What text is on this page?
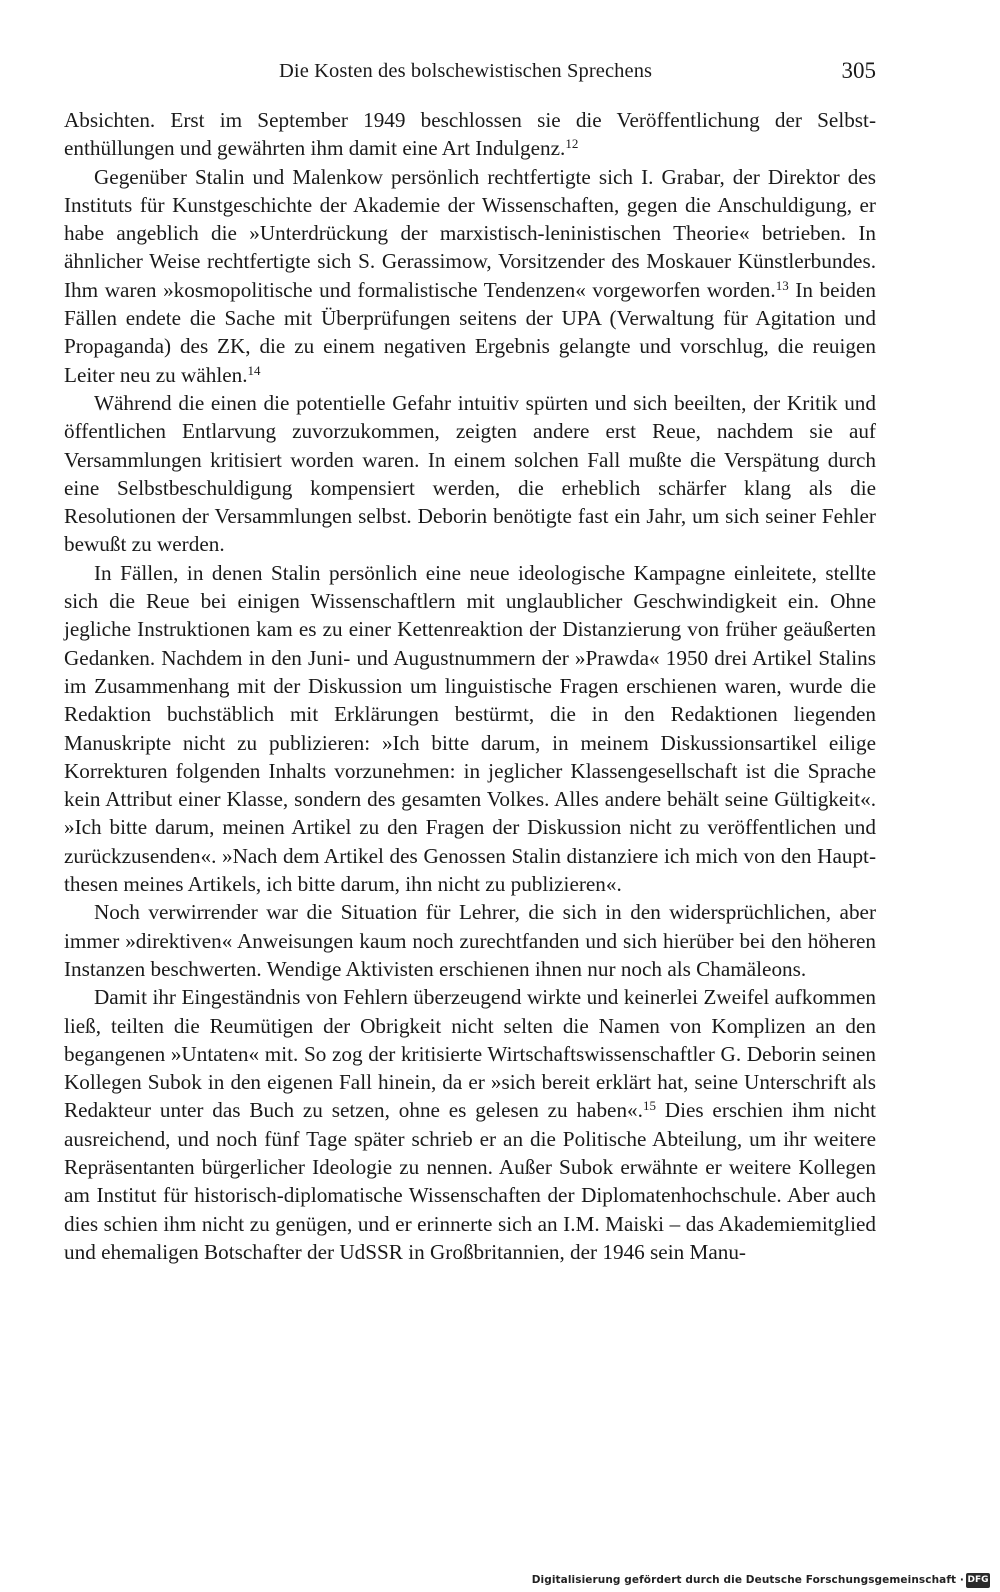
Die Kosten des bolschewistischen Sprechens	305

Absichten. Erst im September 1949 beschlossen sie die Veröffentlichung der Selbstenthüllungen und gewährten ihm damit eine Art Indulgenz.$^{12}$

Gegenüber Stalin und Malenkow persönlich rechtfertigte sich I. Grabar, der Direktor des Instituts für Kunstgeschichte der Akademie der Wissenschaften, gegen die Anschuldigung, er habe angeblich die »Unterdrückung der marxistisch-leninistischen Theorie« betrieben. In ähnlicher Weise rechtfertigte sich S. Gerassimow, Vorsitzender des Moskauer Künstlerbundes. Ihm waren »kosmopolitische und formalistische Tendenzen« vorgeworfen worden.$^{13}$ In beiden Fällen endete die Sache mit Überprüfungen seitens der UPA (Verwaltung für Agitation und Propaganda) des ZK, die zu einem negativen Ergebnis gelangte und vorschlug, die reuigen Leiter neu zu wählen.$^{14}$

Während die einen die potentielle Gefahr intuitiv spürten und sich beeilten, der Kritik und öffentlichen Entlarvung zuvorzukommen, zeigten andere erst Reue, nachdem sie auf Versammlungen kritisiert worden waren. In einem solchen Fall mußte die Verspätung durch eine Selbstbeschuldigung kompensiert werden, die erheblich schärfer klang als die Resolutionen der Versammlungen selbst. Deborin benötigte fast ein Jahr, um sich seiner Fehler bewußt zu werden.

In Fällen, in denen Stalin persönlich eine neue ideologische Kampagne einleitete, stellte sich die Reue bei einigen Wissenschaftlern mit unglaublicher Geschwindigkeit ein. Ohne jegliche Instruktionen kam es zu einer Kettenreaktion der Distanzierung von früher geäußerten Gedanken. Nachdem in den Juni- und Augustnummern der »Prawda« 1950 drei Artikel Stalins im Zusammenhang mit der Diskussion um linguistische Fragen erschienen waren, wurde die Redaktion buchstäblich mit Erklärungen bestürmt, die in den Redaktionen liegenden Manuskripte nicht zu publizieren: »Ich bitte darum, in meinem Diskussionsartikel eilige Korrekturen folgenden Inhalts vorzunehmen: in jeglicher Klassengesellschaft ist die Sprache kein Attribut einer Klasse, sondern des gesamten Volkes. Alles andere behält seine Gültigkeit«. »Ich bitte darum, meinen Artikel zu den Fragen der Diskussion nicht zu veröffentlichen und zurückzusenden«. »Nach dem Artikel des Genossen Stalin distanziere ich mich von den Hauptthesen meines Artikels, ich bitte darum, ihn nicht zu publizieren«.

Noch verwirrender war die Situation für Lehrer, die sich in den widersprüchlichen, aber immer »direktiven« Anweisungen kaum noch zurechtfanden und sich hierüber bei den höheren Instanzen beschwerten. Wendige Aktivisten erschienen ihnen nur noch als Chamäleons.

Damit ihr Eingeständnis von Fehlern überzeugend wirkte und keinerlei Zweifel aufkommen ließ, teilten die Reumütigen der Obrigkeit nicht selten die Namen von Komplizen an den begangenen »Untaten« mit. So zog der kritisierte Wirtschaftswissenschaftler G. Deborin seinen Kollegen Subok in den eigenen Fall hinein, da er »sich bereit erklärt hat, seine Unterschrift als Redakteur unter das Buch zu setzen, ohne es gelesen zu haben«.$^{15}$ Dies erschien ihm nicht ausreichend, und noch fünf Tage später schrieb er an die Politische Abteilung, um ihr weitere Repräsentanten bürgerlicher Ideologie zu nennen. Außer Subok erwähnte er weitere Kollegen am Institut für historisch-diplomatische Wissenschaften der Diplomatenhochschule. Aber auch dies schien ihm nicht zu genügen, und er erinnerte sich an I.M. Maiski – das Akademiemitglied und ehemaligen Botschafter der UdSSR in Großbritannien, der 1946 sein Manu-

Digitalisierung gefördert durch die Deutsche Forschungsgemeinschaft · DFG
